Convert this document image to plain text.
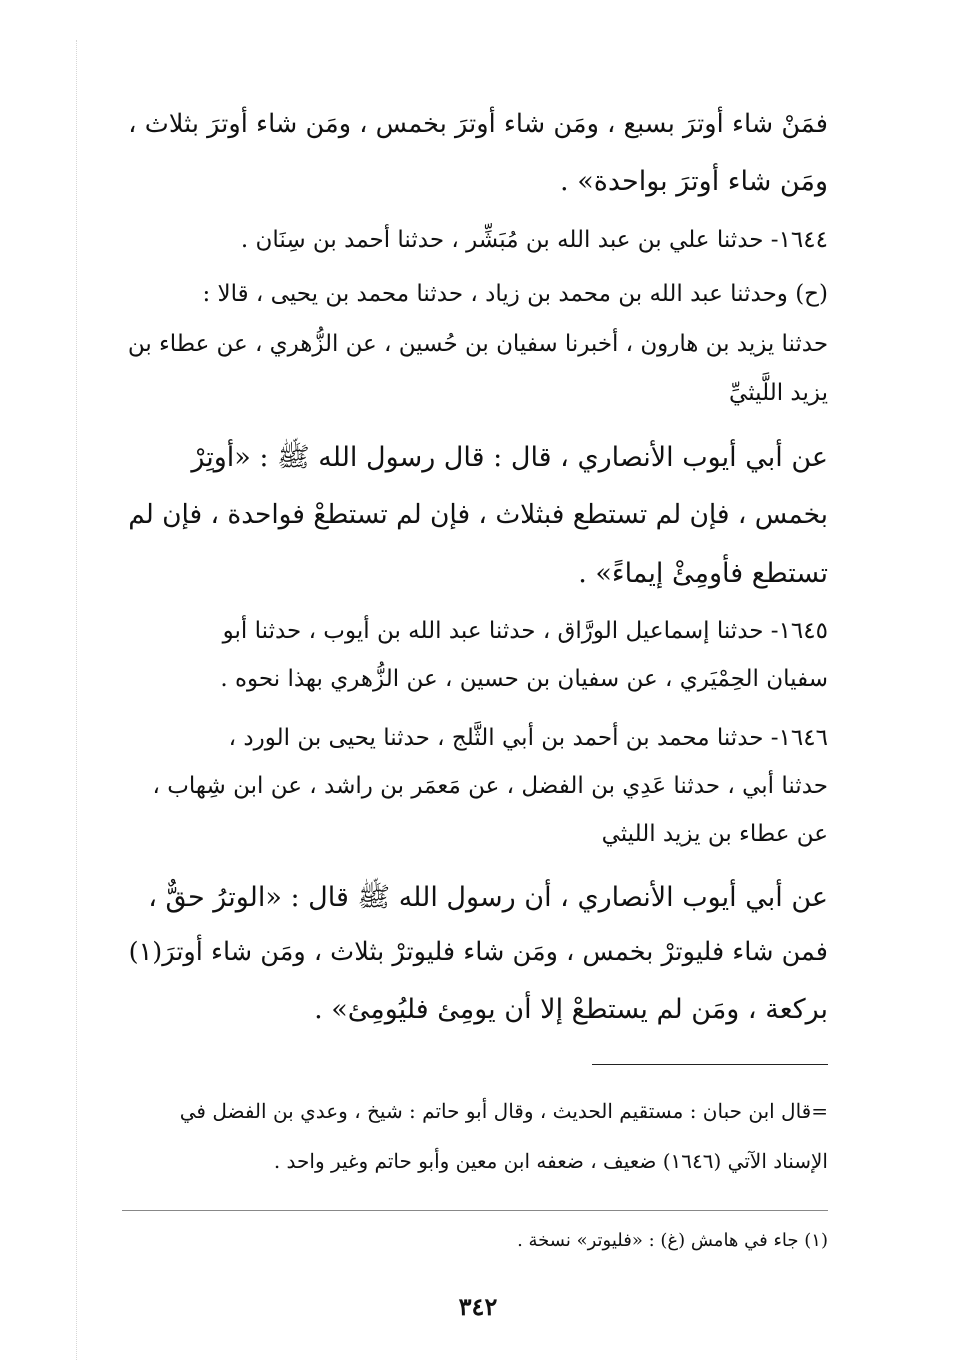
فمَنْ شاء أوترَ بسبع ، ومَن شاء أوترَ بخمس ، ومَن شاء أوترَ بثلاث ،
ومَن شاء أوترَ بواحدة» .
١٦٤٤- حدثنا علي بن عبد الله بن مُبَشِّر ، حدثنا أحمد بن سِنَان .
(ح) وحدثنا عبد الله بن محمد بن زياد ، حدثنا محمد بن يحيى ، قالا :
حدثنا يزيد بن هارون ، أخبرنا سفيان بن حُسين ، عن الزُّهري ، عن عطاء بن
يزيد اللَّيثيِّ
عن أبي أيوب الأنصاري ، قال : قال رسول الله ﷺ : «أوتِرْ
بخمس ، فإن لم تستطع فبثلاث ، فإن لم تستطعْ فواحدة ، فإن لم
تستطع فأومِئْ إيماءً» .
١٦٤٥- حدثنا إسماعيل الورَّاق ، حدثنا عبد الله بن أيوب ، حدثنا أبو
سفيان الحِمْيَري ، عن سفيان بن حسين ، عن الزُّهري بهذا نحوه .
١٦٤٦- حدثنا محمد بن أحمد بن أبي الثَّلج ، حدثنا يحيى بن الورد ،
حدثنا أبي ، حدثنا عَدِي بن الفضل ، عن مَعمَر بن راشد ، عن ابن شِهاب ،
عن عطاء بن يزيد الليثي
عن أبي أيوب الأنصاري ، أن رسول الله ﷺ قال : «الوترُ حقٌّ ،
فمن شاء فليوترْ بخمس ، ومَن شاء فليوترْ بثلاث ، ومَن شاء أوترَ(١)
بركعة ، ومَن لم يستطعْ إلا أن يومِئ فليُومِئ» .
=قال ابن حبان : مستقيم الحديث ، وقال أبو حاتم : شيخ ، وعدي بن الفضل في
الإسناد الآتي (١٦٤٦) ضعيف ، ضعفه ابن معين وأبو حاتم وغير واحد .
(١) جاء في هامش (غ) : «فليوتر» نسخة .
٣٤٢
